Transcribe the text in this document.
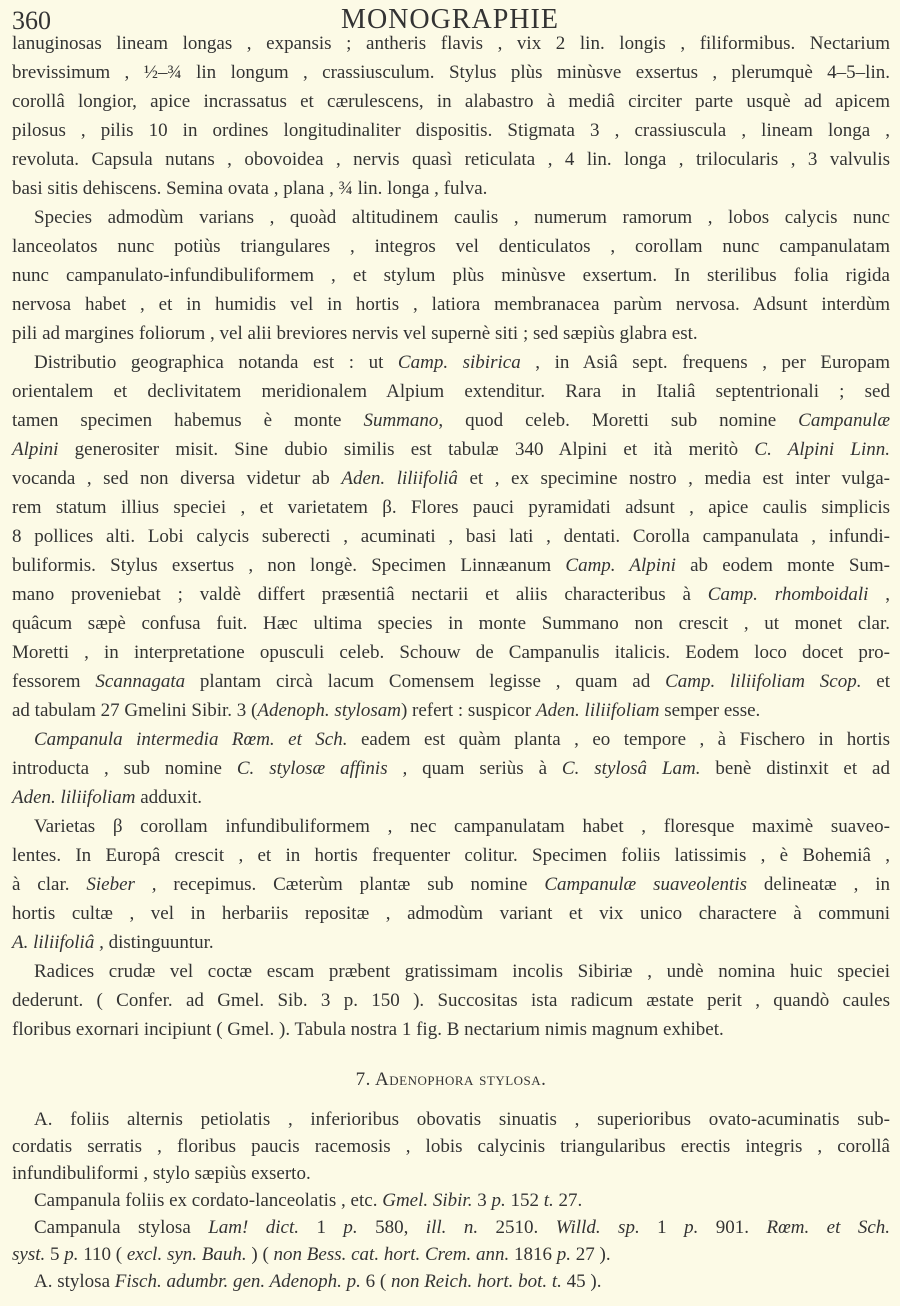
360	MONOGRAPHIE
lanuginosas lineam longas , expansis ; antheris flavis , vix 2 lin. longis , filiformibus. Nectarium
brevissimum , ½–¾ lin longum , crassiusculum. Stylus plùs minùsve exsertus , plerumquè 4–5–lin.
corollâ longior, apice incrassatus et cærulescens, in alabastro à mediâ circiter parte usquè ad apicem
pilosus , pilis 10 in ordines longitudinaliter dispositis. Stigmata 3 , crassiuscula , lineam longa ,
revoluta. Capsula nutans , obovoidea , nervis quasì reticulata , 4 lin. longa , trilocularis , 3 valvulis
basi sitis dehiscens. Semina ovata , plana , ¾ lin. longa , fulva.
Species admodùm varians , quoàd altitudinem caulis , numerum ramorum , lobos calycis nunc
lanceolatos nunc potiùs triangulares , integros vel denticulatos , corollam nunc campanulatam
nunc campanulato-infundibuliformem , et stylum plùs minùsve exsertum. In sterilibus folia rigida
nervosa habet , et in humidis vel in hortis , latiora membranacea parùm nervosa. Adsunt interdùm
pili ad margines foliorum , vel alii breviores nervis vel supernè siti ; sed sæpiùs glabra est.
Distributio geographica notanda est : ut Camp. sibirica , in Asiâ sept. frequens , per Europam
orientalem et declivitatem meridionalem Alpium extenditur. Rara in Italiâ septentrionali ; sed
tamen specimen habemus è monte Summano, quod celeb. Moretti sub nomine Campanulæ
Alpini generositer misit. Sine dubio similis est tabulæ 340 Alpini et ità meritò C. Alpini Linn.
vocanda , sed non diversa videtur ab Aden. liliifoliâ et , ex specimine nostro , media est inter vulga-
rem statum illius speciei , et varietatem β. Flores pauci pyramidati adsunt , apice caulis simplicis
8 pollices alti. Lobi calycis suberecti , acuminati , basi lati , dentati. Corolla campanulata , infundi-
buliformis. Stylus exsertus , non longè. Specimen Linnæanum Camp. Alpini ab eodem monte Sum-
mano proveniebat ; valdè differt præsentiâ nectarii et aliis characteribus à Camp. rhomboidali ,
quâcum sæpè confusa fuit. Hæc ultima species in monte Summano non crescit , ut monet clar.
Moretti , in interpretatione opusculi celeb. Schouw de Campanulis italicis. Eodem loco docet pro-
fessorem Scannagata plantam circà lacum Comensem legisse , quam ad Camp. liliifoliam Scop. et
ad tabulam 27 Gmelini Sibir. 3 (Adenoph. stylosam) refert : suspicor Aden. liliifoliam semper esse.
Campanula intermedia Rœm. et Sch. eadem est quàm planta , eo tempore , à Fischero in hortis
introducta , sub nomine C. stylosæ affinis , quam seriùs à C. stylosâ Lam. benè distinxit et ad
Aden. liliifoliam adduxit.
Varietas β corollam infundibuliformem , nec campanulatam habet , floresque maximè suaveo-
lentes. In Europâ crescit , et in hortis frequenter colitur. Specimen foliis latissimis , è Bohemiâ ,
à clar. Sieber , recepimus. Cæterùm plantæ sub nomine Campanulæ suaveolentis delineatæ , in
hortis cultæ , vel in herbariis repositæ , admodùm variant et vix unico charactere à communi
A. liliifoliâ , distinguuntur.
Radices crudæ vel coctæ escam præbent gratissimam incolis Sibiriæ , undè nomina huic speciei
dederunt. ( Confer. ad Gmel. Sib. 3 p. 150 ). Succositas ista radicum æstate perit , quandò caules
floribus exornari incipiunt ( Gmel. ). Tabula nostra 1 fig. B nectarium nimis magnum exhibet.
7. Adenophora stylosa.
A. foliis alternis petiolatis , inferioribus obovatis sinuatis , superioribus ovato-acuminatis sub-
cordatis serratis , floribus paucis racemosis , lobis calycinis triangularibus erectis integris , corollâ
infundibuliformi , stylo sæpiùs exserto.
Campanula foliis ex cordato-lanceolatis , etc. Gmel. Sibir. 3 p. 152 t. 27.
Campanula stylosa Lam! dict. 1 p. 580, ill. n. 2510. Willd. sp. 1 p. 901. Rœm. et Sch.
syst. 5 p. 110 ( excl. syn. Bauh. ) ( non Bess. cat. hort. Crem. ann. 1816 p. 27 ).
A. stylosa Fisch. adumbr. gen. Adenoph. p. 6 ( non Reich. hort. bot. t. 45 ).
